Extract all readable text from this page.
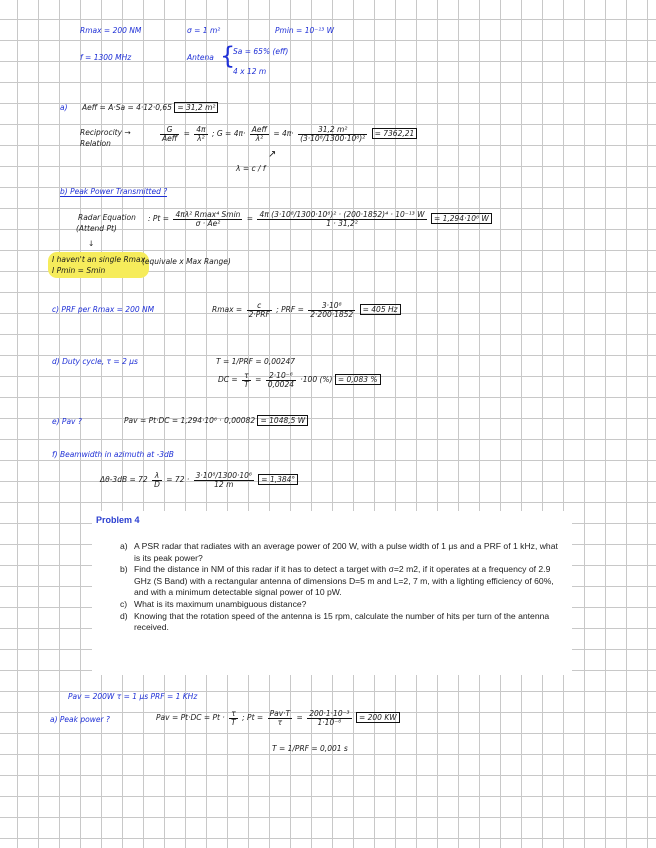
Rmax = 200 NM	σ = 1 m²	Pmin = 10⁻¹³ W
f = 1300 MHz	Antena {
Sa = 65% (eff)
4 x 12 m
a) Aeff = A·Sa = 4·12·0,65 = 31,2 m²
Reciprocity →
Relation
$\frac{G}{\text{Aeff}} = \frac{4\pi}{\text{λ²}}$ ; $G = 4\pi\cdot \frac{\text{Aeff}}{\text{λ²}} = 4\pi\cdot \frac{\text{31,2 m²}}{\text{(3·10⁸/1300·10⁶)²}} = 7362,21$
↗
λ = c / f
b) Peak Power Transmitted ?
Radar Equation
(Attend Pt)
: $Pt = \frac{\text{4πλ² Rmax⁴ Smin}}{\text{σ · Ae²}} = \frac{\text{4π (3·10⁸/1300·10⁶)² · (200·1852)⁴ · 10⁻¹³ W}}{\text{1 · 31,2²}} = 1,294\cdot 10^6$ W
↓
I haven't an single Rmax
I Pmin = Smin
(equivale x Max Range)
c) PRF per Rmax = 200 NM	$Rmax = \frac{c}{\text{2·PRF}}$ ; PRF = $\frac{\text{3·10⁸}}{2\cdot 200\cdot 1852} = 405$ Hz
d) Duty cycle, τ = 2 μs	T = 1/PRF = 0,00247
DC = $\frac{\tau}{T} = \frac{\text{2·10⁻⁶}}{0,0024} \cdot 100$ (%) = 0,083 %
e) Pav ?	Pav = Pt·DC = 1,294·10⁶ · 0,00082 = 1048,5 W
f) Beamwidth in azimuth at -3dB
$\Delta\theta-3dB = 72 \frac{\lambda}{D} = 72 \cdot \frac{\text{3·10⁸/1300·10⁶}}{12 m} = 1,384^\circ$
Problem 4
a) A PSR radar that radiates with an average power of 200 W, with a pulse width of 1 μs and a PRF of 1 kHz, what is its peak power?
b) Find the distance in NM of this radar if it has to detect a target with σ=2 m2, if it operates at a frequency of 2.9 GHz (S Band) with a rectangular antenna of dimensions D=5 m and L=2, 7 m, with a lighting efficiency of 60%, and with a minimum detectable signal power of 10 pW.
c) What is its maximum unambiguous distance?
d) Knowing that the rotation speed of the antenna is 15 rpm, calculate the number of hits per turn of the antenna received.
Pav = 200W τ = 1 μs PRF = 1 KHz
a) Peak power ?	Pav = $Pt\cdot DC = Pt \cdot \frac{\tau}{T}$ ; $Pt = \frac{\text{Pav·T}}{\tau} = \frac{\text{200·1·10⁻³}}{\text{1·10⁻⁶}} = 200$ KW
T = 1/PRF = 0,001 s
